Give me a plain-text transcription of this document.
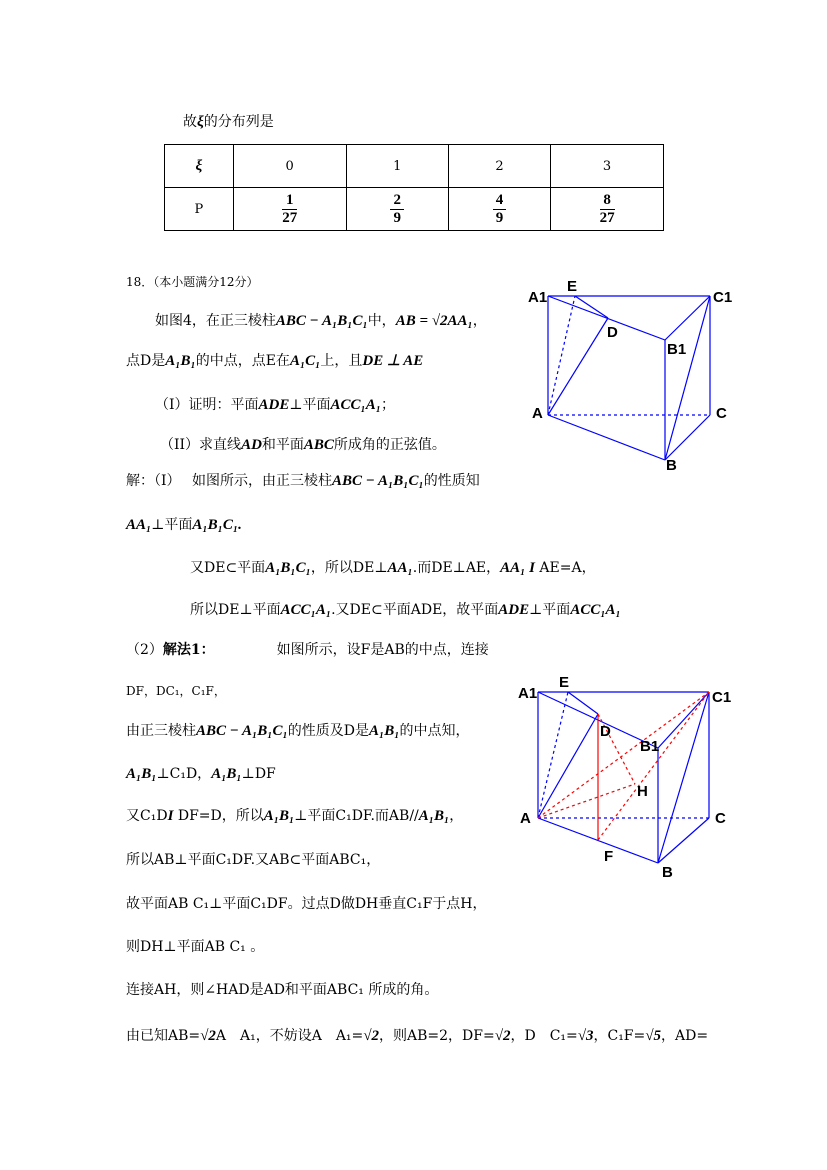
故ξ的分布列是
ξ	0	1	2	3
P	$\frac{1}{27}$	$\frac{2}{9}$	$\frac{4}{9}$	$\frac{8}{27}$
18．（本小题满分12分）
如图4，在正三棱柱ABC − A₁B₁C₁中，AB = √2AA₁，
点D是A₁B₁的中点，点E在A₁C₁上，且DE ⊥ AE
（I）证明：平面ADE⊥平面ACC₁A₁；
（II）求直线AD和平面ABC所成角的正弦值。
解：（I）　 如图所示，由正三棱柱ABC − A₁B₁C₁的性质知
AA₁⊥平面A₁B₁C₁.
又DE⊂平面A₁B₁C₁，所以DE⊥AA₁.而DE⊥AE，AA₁ I AE=A，
所以DE⊥平面ACC₁A₁.又DE⊂平面ADE，故平面ADE⊥平面ACC₁A₁
（2）解法1：	如图所示，设F是AB的中点，连接
DF，DC₁，C₁F，
由正三棱柱ABC − A₁B₁C₁的性质及D是A₁B₁的中点知，
A₁B₁⊥C₁D，A₁B₁⊥DF
又C₁DI DF=D，所以A₁B₁⊥平面C₁DF.而AB//A₁B₁，
所以AB⊥平面C₁DF.又AB⊂平面ABC₁，
故平面AB C₁⊥平面C₁DF。过点D做DH垂直C₁F于点H，
则DH⊥平面AB C₁ 。
连接AH，则∠HAD是AD和平面ABC₁ 所成的角。
由已知AB=√2A　A₁，不妨设A　A₁=√2，则AB=2，DF=√2，D　C₁=√3，C₁F=√5，AD=
A1
E
C1
D
B1
A	C
B
A1
E
C1
D
B1
H
A	C
F
B
